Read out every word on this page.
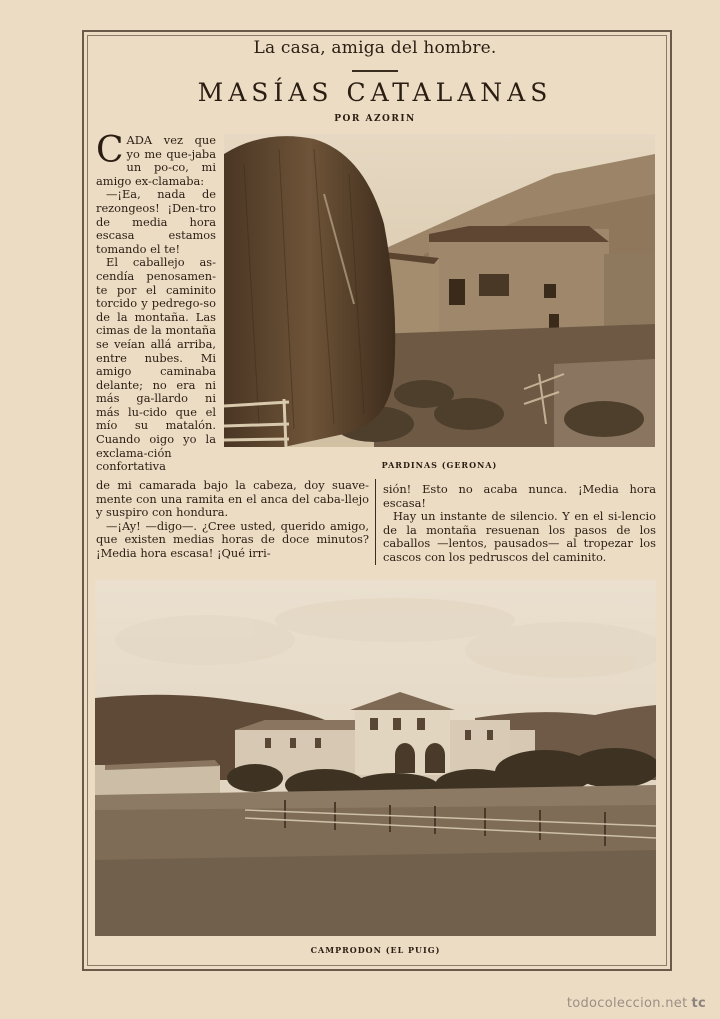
La casa, amiga del hombre.
MASÍAS CATALANAS
POR AZORIN

CADA vez que yo me que-jaba un po-co, mi amigo ex-clamaba:

—¡Ea, nada de rezongeos! ¡Den-tro de media hora escasa estamos tomando el te!

El caballejo as-cendía penosamen-te por el caminito torcido y pedrego-so de la montaña. Las cimas de la montaña se veían allá arriba, entre nubes. Mi amigo caminaba delante; no era ni más ga-llardo ni más lu-cido que el mío su matalón. Cuando oigo yo la exclama-ción confortativa	PARDINAS (GERONA)

de mi camarada bajo la cabeza, doy suave-mente con una ramita en el anca del caba-llejo y suspiro con hondura.

—¡Ay! —digo—. ¿Cree usted, querido amigo, que existen medias horas de doce minutos? ¡Media hora escasa! ¡Qué irri-

sión! Esto no acaba nunca. ¡Media hora escasa!

Hay un instante de silencio. Y en el si-lencio de la montaña resuenan los pasos de los caballos —lentos, pausados— al tropezar los cascos con los pedruscos del caminito.

CAMPRODON (EL PUIG)
todocoleccion.net tc
